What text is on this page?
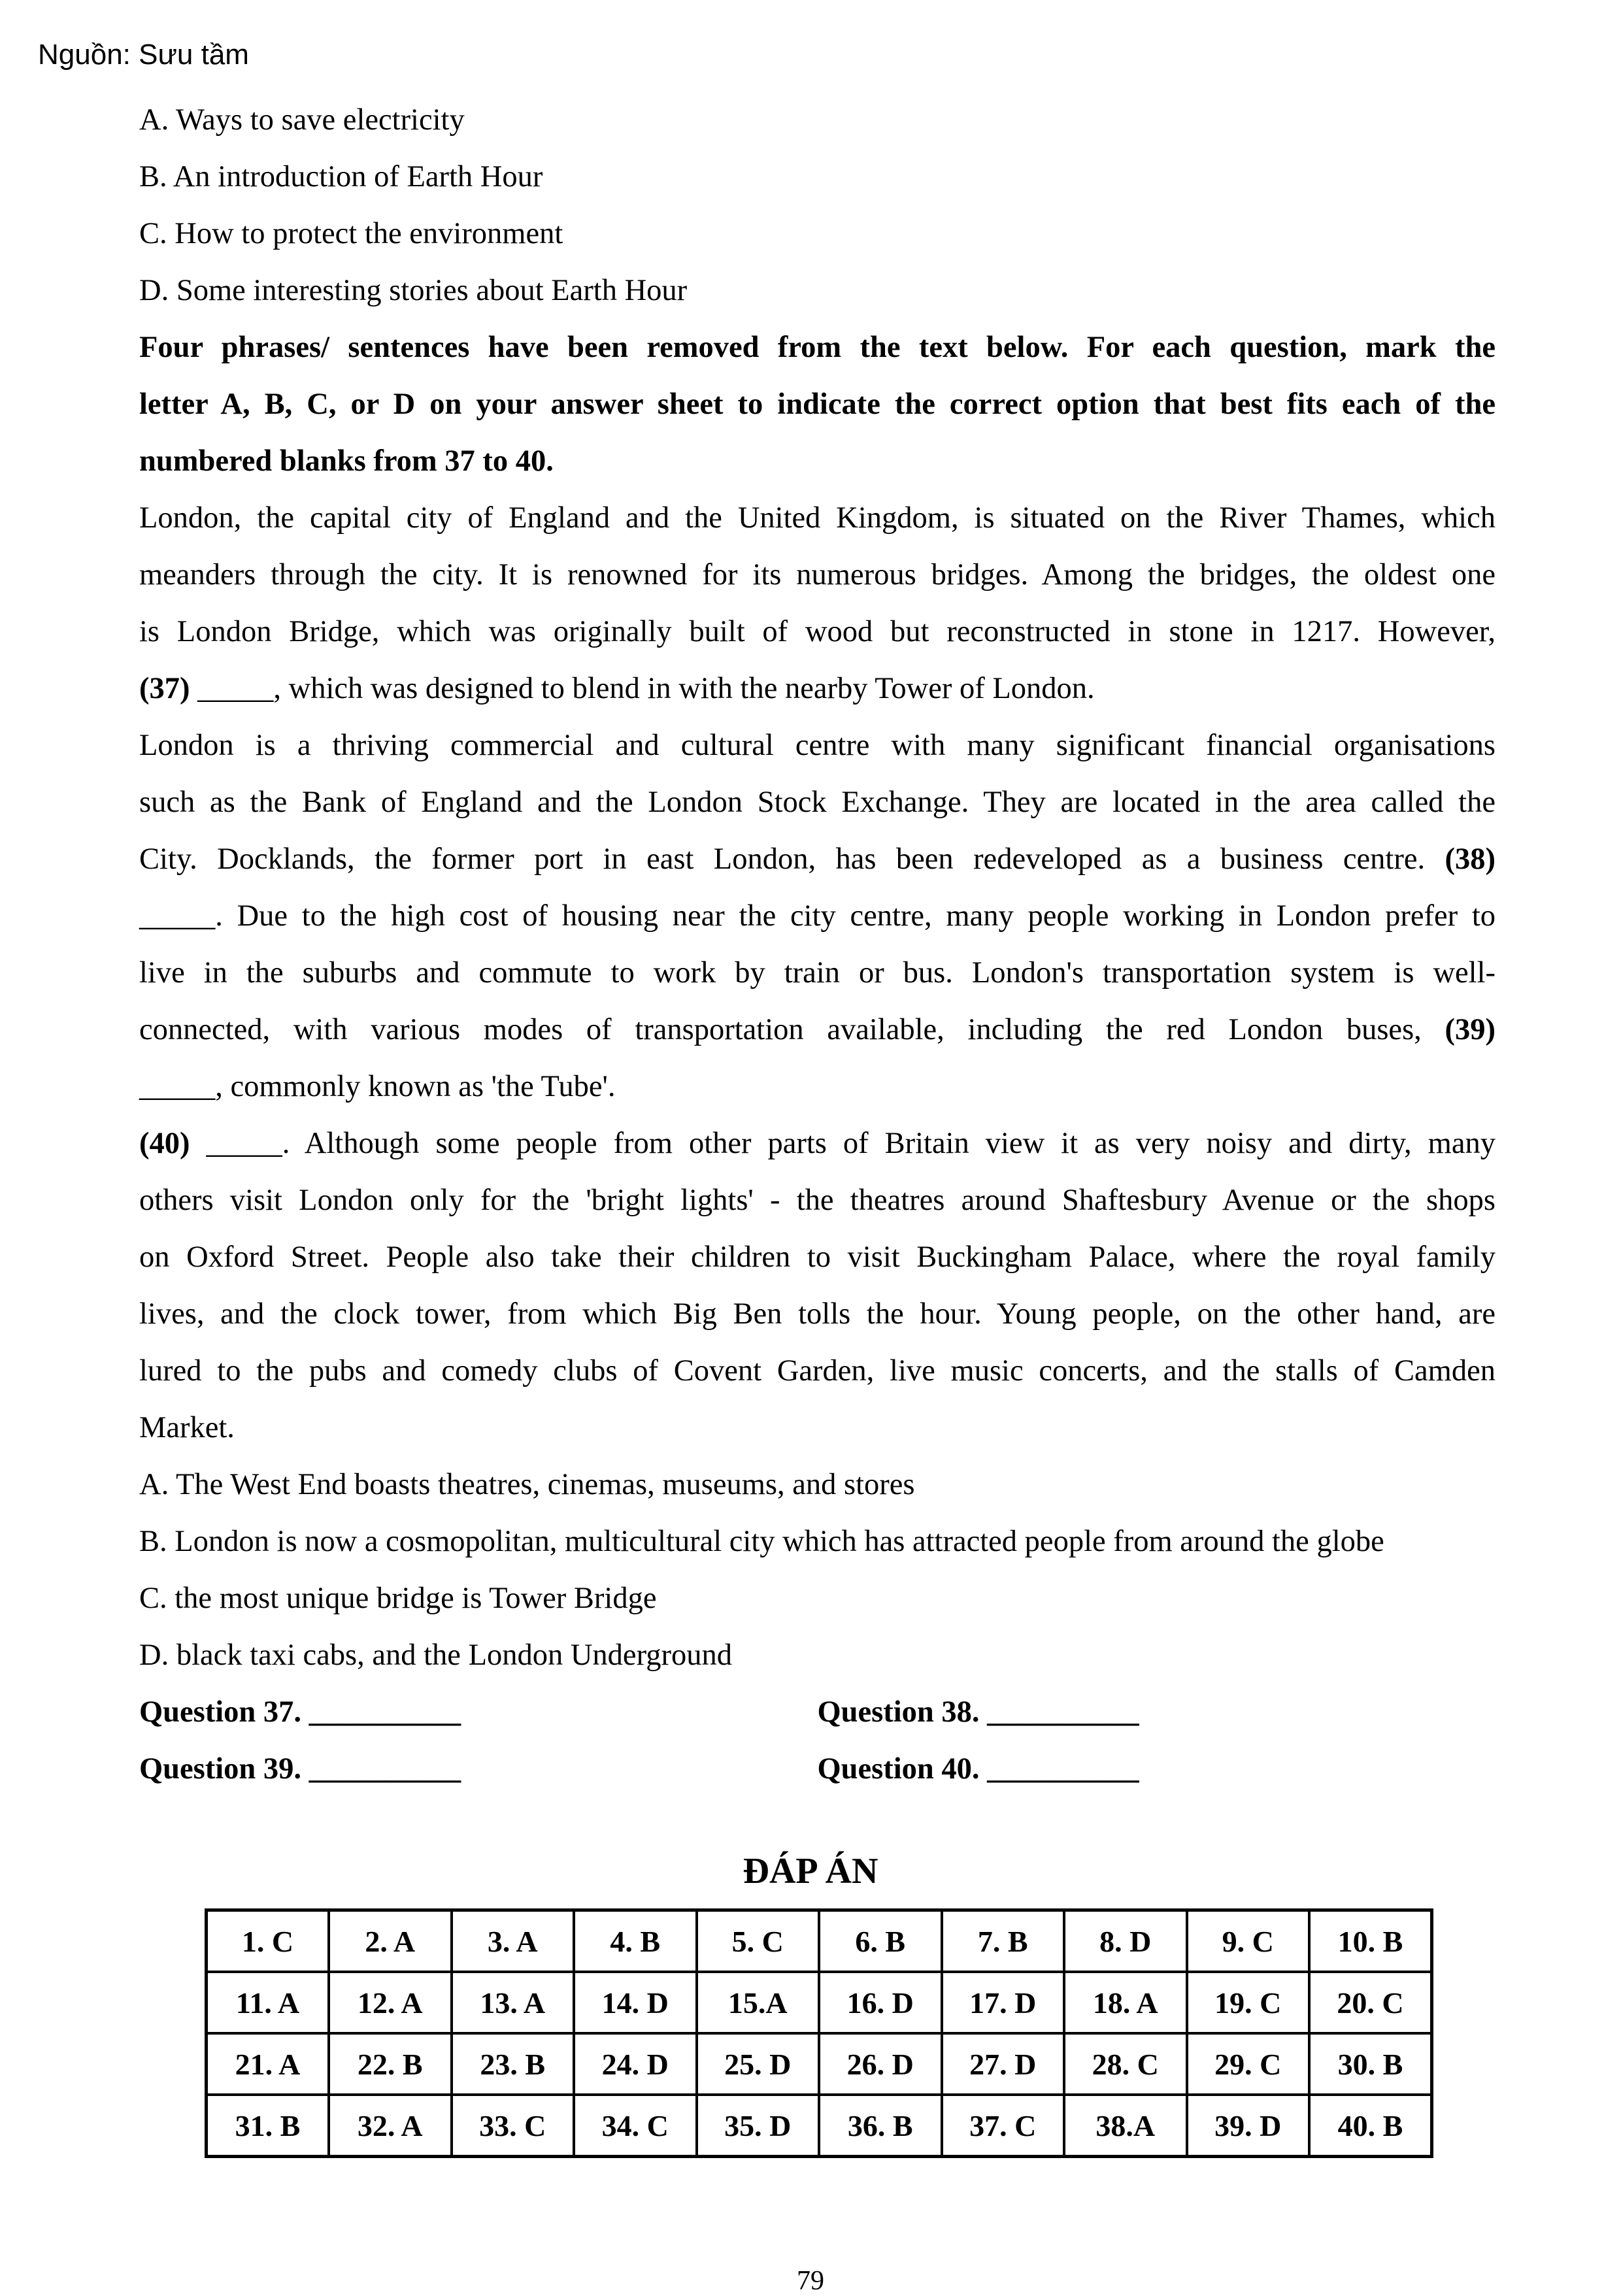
Nguồn: Sưu tầm
A. Ways to save electricity
B. An introduction of Earth Hour
C. How to protect the environment
D. Some interesting stories about Earth Hour
Four phrases/ sentences have been removed from the text below. For each question, mark the
letter A, B, C, or D on your answer sheet to indicate the correct option that best fits each of the
numbered blanks from 37 to 40.
London, the capital city of England and the United Kingdom, is situated on the River Thames, which
meanders through the city. It is renowned for its numerous bridges. Among the bridges, the oldest one
is London Bridge, which was originally built of wood but reconstructed in stone in 1217. However,
(37) _____, which was designed to blend in with the nearby Tower of London.
London is a thriving commercial and cultural centre with many significant financial organisations
such as the Bank of England and the London Stock Exchange. They are located in the area called the
City. Docklands, the former port in east London, has been redeveloped as a business centre. (38)
_____. Due to the high cost of housing near the city centre, many people working in London prefer to
live in the suburbs and commute to work by train or bus. London's transportation system is well-
connected, with various modes of transportation available, including the red London buses, (39)
_____, commonly known as 'the Tube'.
(40) _____. Although some people from other parts of Britain view it as very noisy and dirty, many
others visit London only for the 'bright lights' - the theatres around Shaftesbury Avenue or the shops
on Oxford Street. People also take their children to visit Buckingham Palace, where the royal family
lives, and the clock tower, from which Big Ben tolls the hour. Young people, on the other hand, are
lured to the pubs and comedy clubs of Covent Garden, live music concerts, and the stalls of Camden
Market.
A. The West End boasts theatres, cinemas, museums, and stores
B. London is now a cosmopolitan, multicultural city which has attracted people from around the globe
C. the most unique bridge is Tower Bridge
D. black taxi cabs, and the London Underground
Question 37. __________	Question 38. __________
Question 39. __________	Question 40. __________
ĐÁP ÁN
1. C	2. A	3. A	4. B	5. C	6. B	7. B	8. D	9. C	10. B
11. A	12. A	13. A	14. D	15.A	16. D	17. D	18. A	19. C	20. C
21. A	22. B	23. B	24. D	25. D	26. D	27. D	28. C	29. C	30. B
31. B	32. A	33. C	34. C	35. D	36. B	37. C	38.A	39. D	40. B
79
